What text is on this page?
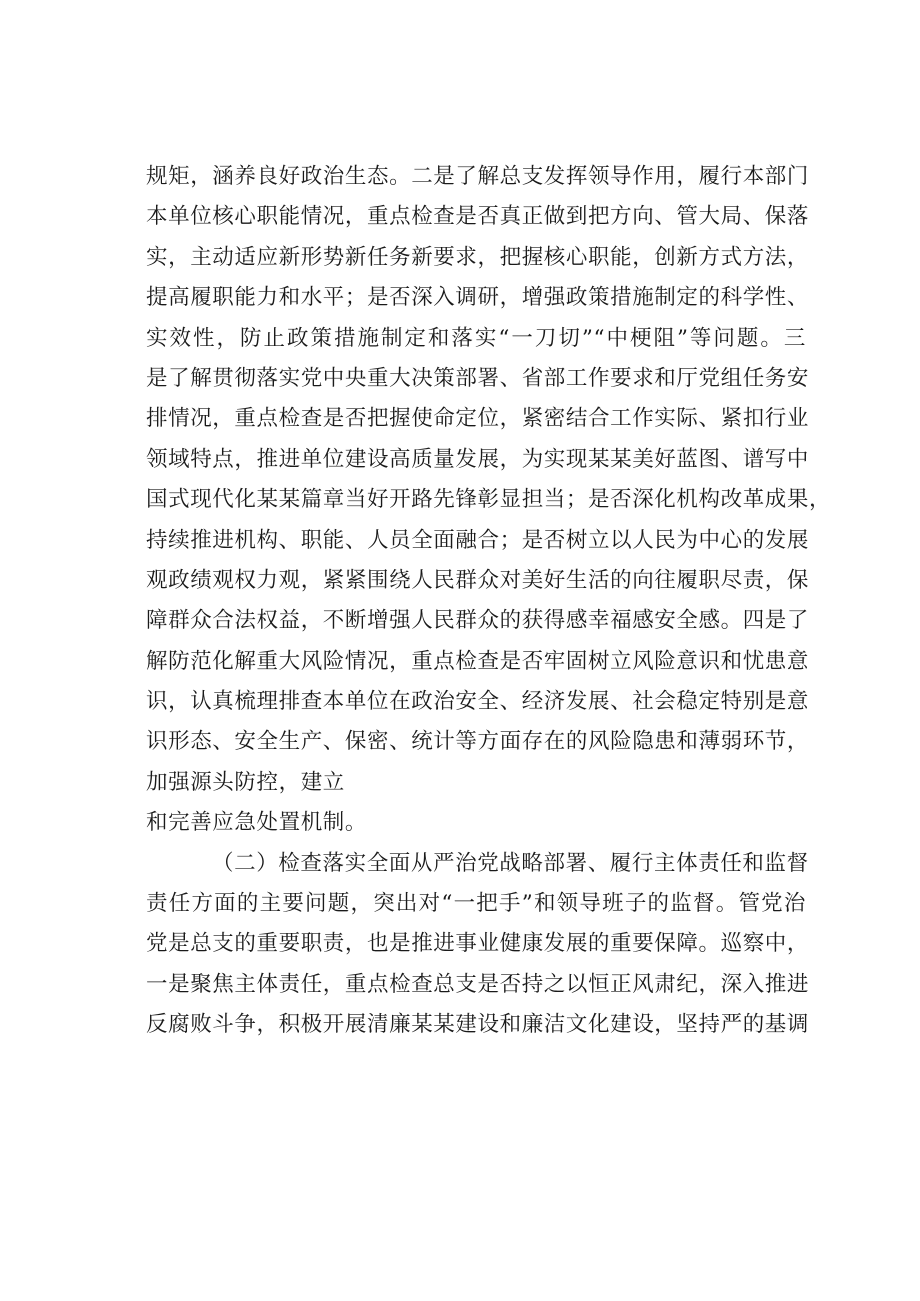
规矩，涵养良好政治生态。二是了解总支发挥领导作用，履行本部门
本单位核心职能情况，重点检查是否真正做到把方向、管大局、保落
实，主动适应新形势新任务新要求，把握核心职能，创新方式方法，
提高履职能力和水平；是否深入调研，增强政策措施制定的科学性、
实效性，防止政策措施制定和落实“一刀切”“中梗阻”等问题。三
是了解贯彻落实党中央重大决策部署、省部工作要求和厅党组任务安
排情况，重点检查是否把握使命定位，紧密结合工作实际、紧扣行业
领域特点，推进单位建设高质量发展，为实现某某美好蓝图、谱写中
国式现代化某某篇章当好开路先锋彰显担当；是否深化机构改革成果，
持续推进机构、职能、人员全面融合；是否树立以人民为中心的发展
观政绩观权力观，紧紧围绕人民群众对美好生活的向往履职尽责，保
障群众合法权益，不断增强人民群众的获得感幸福感安全感。四是了
解防范化解重大风险情况，重点检查是否牢固树立风险意识和忧患意
识，认真梳理排查本单位在政治安全、经济发展、社会稳定特别是意
识形态、安全生产、保密、统计等方面存在的风险隐患和薄弱环节，
加强源头防控，建立
和完善应急处置机制。
（二）检查落实全面从严治党战略部署、履行主体责任和监督
责任方面的主要问题，突出对“一把手”和领导班子的监督。管党治
党是总支的重要职责，也是推进事业健康发展的重要保障。巡察中，
一是聚焦主体责任，重点检查总支是否持之以恒正风肃纪，深入推进
反腐败斗争，积极开展清廉某某建设和廉洁文化建设，坚持严的基调
